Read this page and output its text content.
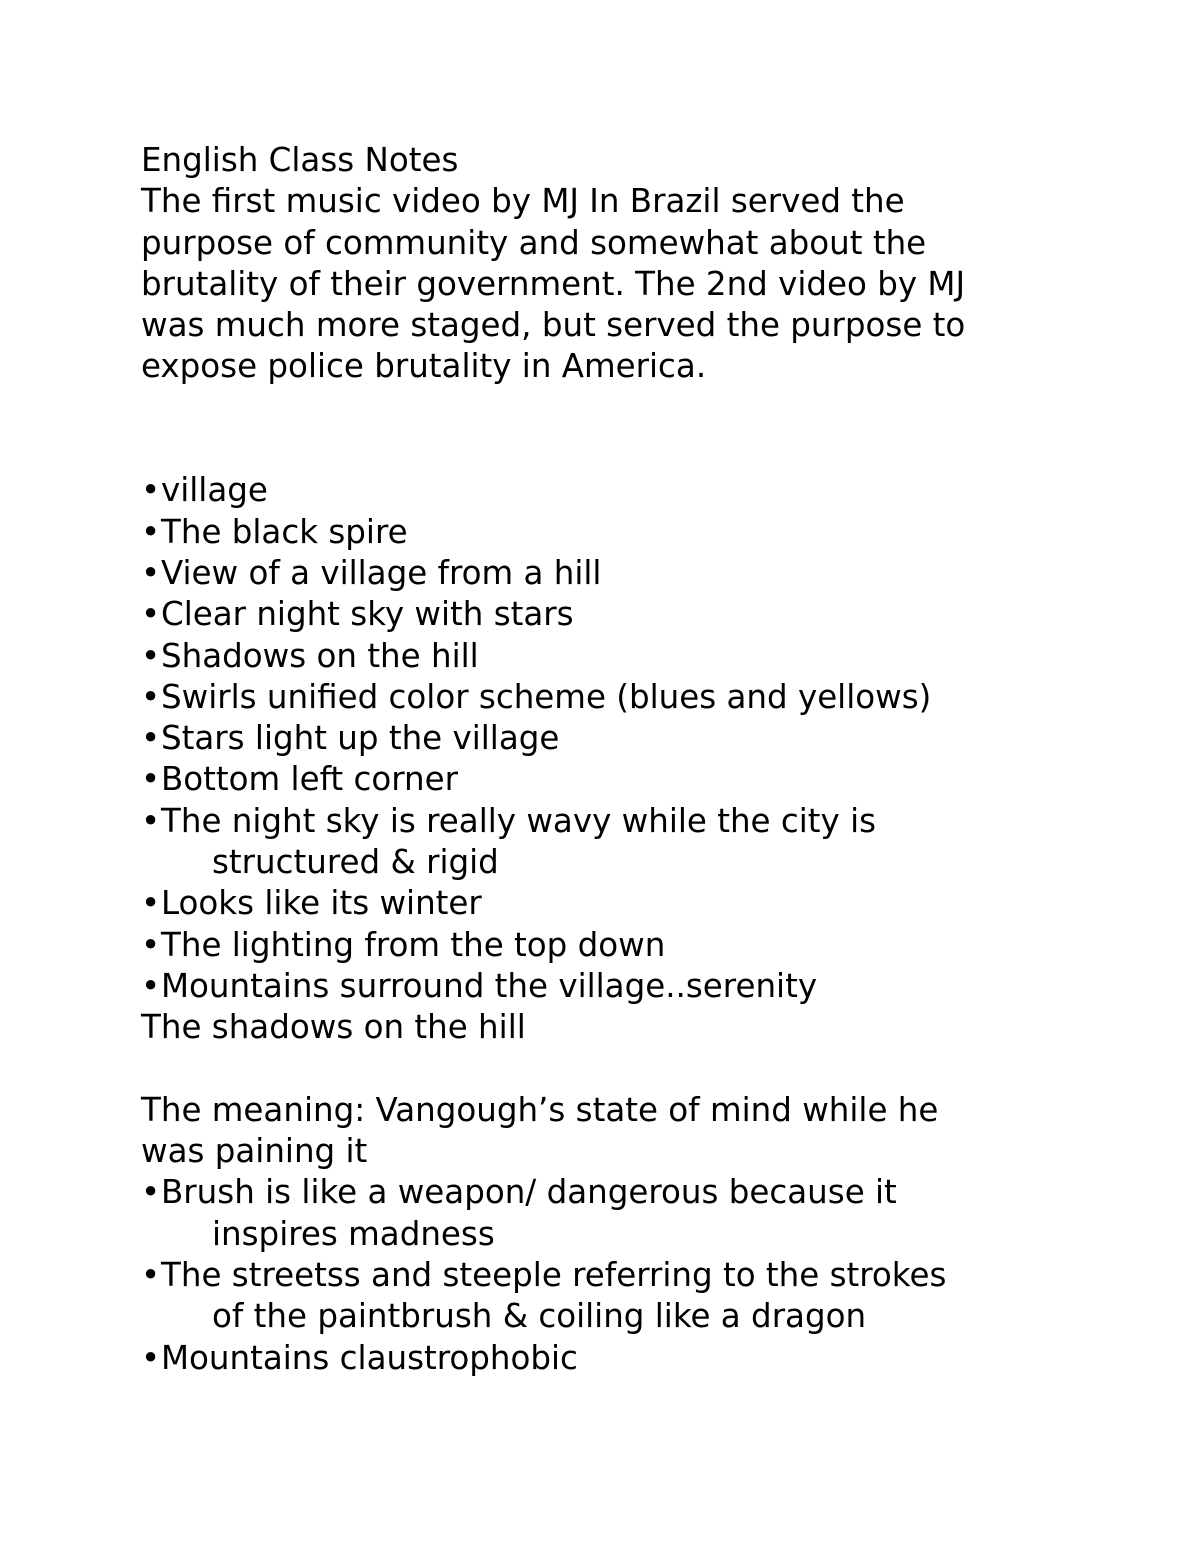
English Class Notes
The first music video by MJ In Brazil served the
purpose of community and somewhat about the
brutality of their government. The 2nd video by MJ
was much more staged, but served the purpose to
expose police brutality in America.
• village
• The black spire
• View of a village from a hill
• Clear night sky with stars
• Shadows on the hill
• Swirls unified color scheme (blues and yellows)
• Stars light up the village
• Bottom left corner
• The night sky is really wavy while the city is
structured & rigid
• Looks like its winter
• The lighting from the top down
• Mountains surround the village..serenity
The shadows on the hill
The meaning: Vangough’s state of mind while he
was paining it
• Brush is like a weapon/ dangerous because it
inspires madness
• The streetss and steeple referring to the strokes
of the paintbrush & coiling like a dragon
• Mountains claustrophobic
